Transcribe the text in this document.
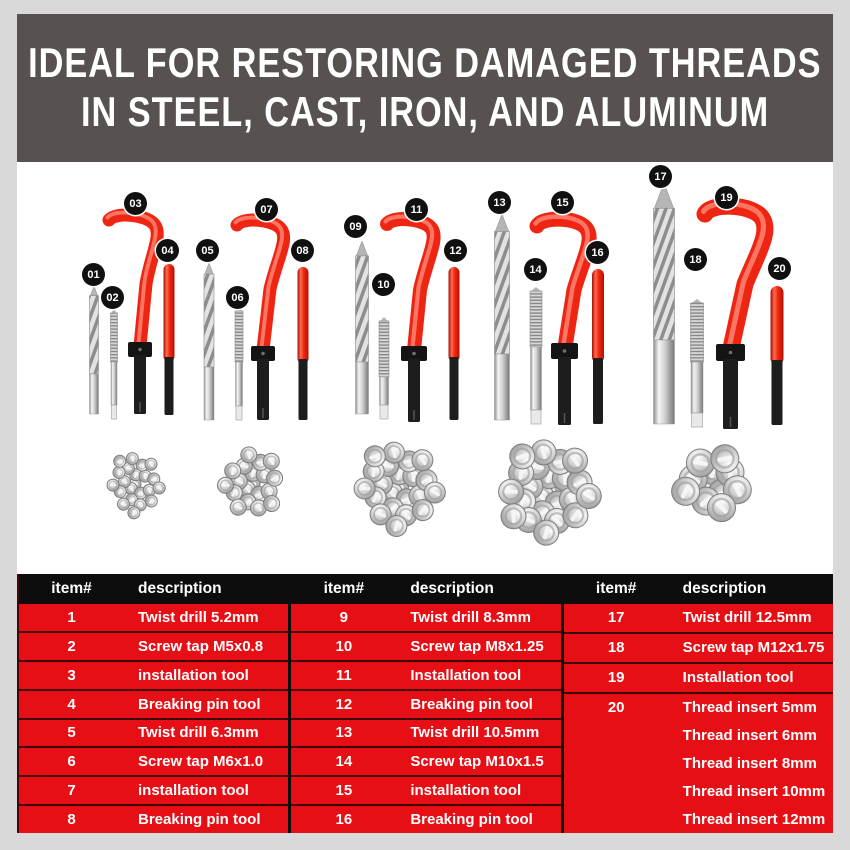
IDEAL FOR RESTORING DAMAGED THREADS
IN STEEL, CAST, IRON, AND ALUMINUM
01
02
03
04	05
06
07
08
09
10
11
12
13
14
15
16
17
18
19
20
item#	description
1	Twist drill 5.2mm
2	Screw tap M5x0.8
3	installation tool
4	Breaking pin tool
5	Twist drill 6.3mm
6	Screw tap M6x1.0
7	installation tool
8	Breaking pin tool
item#	description
9	Twist drill 8.3mm
10	Screw tap M8x1.25
11	Installation tool
12	Breaking pin tool
13	Twist drill 10.5mm
14	Screw tap M10x1.5
15	installation tool
16	Breaking pin tool
item#	description
17	Twist drill 12.5mm
18	Screw tap M12x1.75
19	Installation tool
20	Thread insert 5mm
Thread insert 6mm
Thread insert 8mm
Thread insert 10mm
Thread insert 12mm
